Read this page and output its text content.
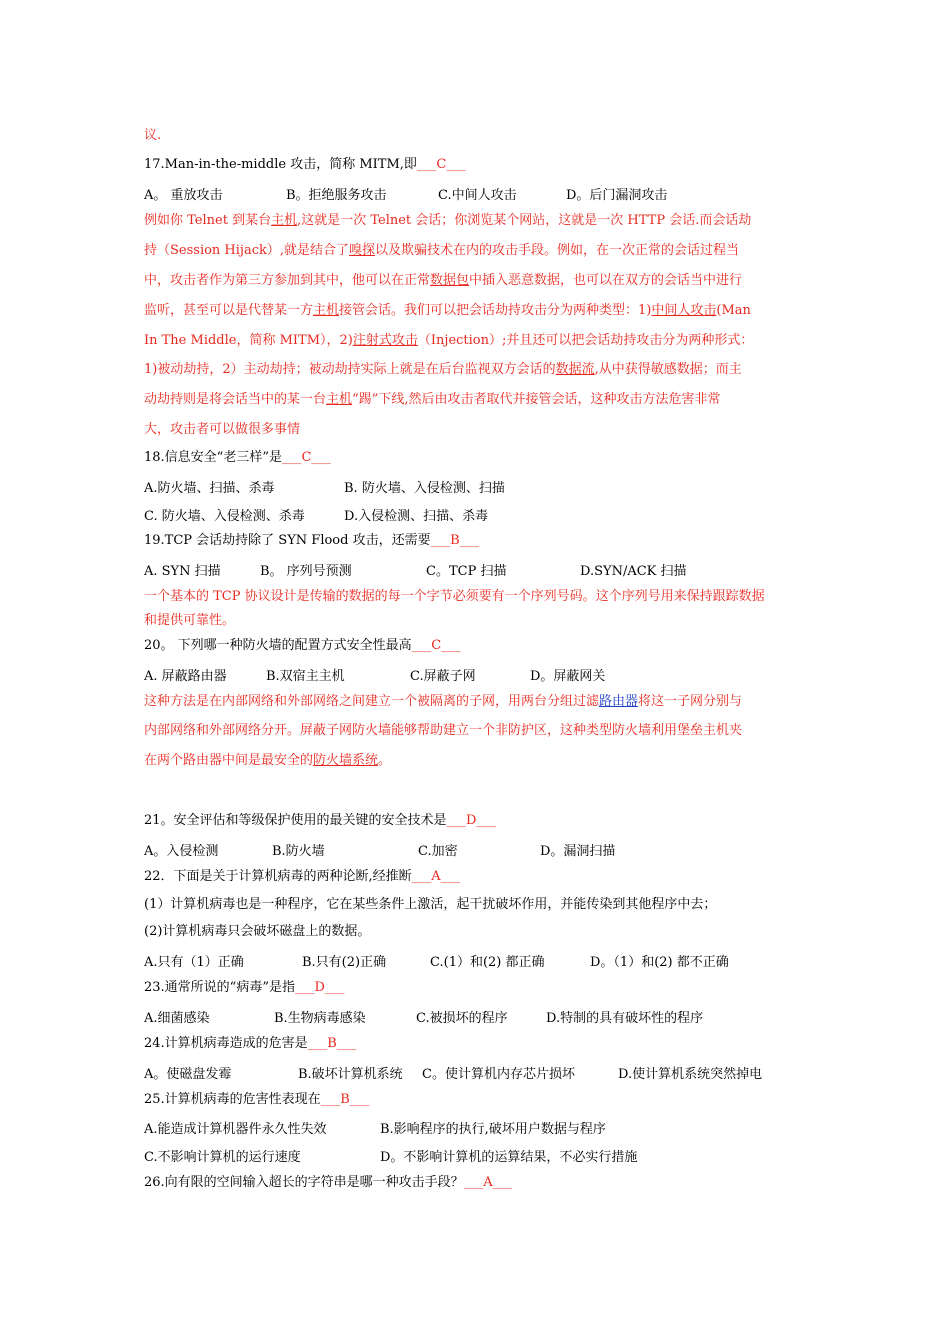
议.
17.Man-in-the-middle 攻击，简称 MITM,即___C___
A。 重放攻击	B。拒绝服务攻击	C.中间人攻击	D。后门漏洞攻击
例如你 Telnet 到某台主机,这就是一次 Telnet 会话；你浏览某个网站，这就是一次 HTTP 会话.而会话劫
持（Session Hijack）,就是结合了嗅探以及欺骗技术在内的攻击手段。例如，在一次正常的会话过程当
中，攻击者作为第三方参加到其中，他可以在正常数据包中插入恶意数据，也可以在双方的会话当中进行
监听，甚至可以是代替某一方主机接管会话。我们可以把会话劫持攻击分为两种类型：1)中间人攻击(Man
In The Middle，简称 MITM），2)注射式攻击（Injection）;并且还可以把会话劫持攻击分为两种形式：
1)被动劫持，2）主动劫持；被动劫持实际上就是在后台监视双方会话的数据流,从中获得敏感数据；而主
动劫持则是将会话当中的某一台主机“踢”下线,然后由攻击者取代并接管会话，这种攻击方法危害非常
大，攻击者可以做很多事情
18.信息安全“老三样”是___C___
A.防火墙、扫描、杀毒	B. 防火墙、入侵检测、扫描
C. 防火墙、入侵检测、杀毒	D.入侵检测、扫描、杀毒
19.TCP 会话劫持除了 SYN Flood 攻击，还需要___B___
A. SYN 扫描	B。 序列号预测	C。TCP 扫描	D.SYN/ACK 扫描
一个基本的 TCP 协议设计是传输的数据的每一个字节必须要有一个序列号码。这个序列号用来保持跟踪数据
和提供可靠性。
20。 下列哪一种防火墙的配置方式安全性最高___C___
A. 屏蔽路由器	B.双宿主主机	C.屏蔽子网	D。屏蔽网关
这种方法是在内部网络和外部网络之间建立一个被隔离的子网，用两台分组过滤路由器将这一子网分别与
内部网络和外部网络分开。屏蔽子网防火墙能够帮助建立一个非防护区，这种类型防火墙利用堡垒主机夹
在两个路由器中间是最安全的防火墙系统。
21。安全评估和等级保护使用的最关键的安全技术是___D___
A。入侵检测	B.防火墙	C.加密	D。漏洞扫描
22．下面是关于计算机病毒的两种论断,经推断___A___
(1）计算机病毒也是一种程序，它在某些条件上激活，起干扰破坏作用，并能传染到其他程序中去；
(2)计算机病毒只会破坏磁盘上的数据。
A.只有（1）正确	B.只有(2)正确	C.(1）和(2) 都正确	D。（1）和(2) 都不正确
23.通常所说的“病毒”是指___D___
A.细菌感染	B.生物病毒感染	C.被损坏的程序	D.特制的具有破坏性的程序
24.计算机病毒造成的危害是___B___
A。使磁盘发霉	B.破坏计算机系统 C。使计算机内存芯片损坏	D.使计算机系统突然掉电
25.计算机病毒的危害性表现在___B___
A.能造成计算机器件永久性失效	B.影响程序的执行,破坏用户数据与程序
C.不影响计算机的运行速度	D。不影响计算机的运算结果，不必实行措施
26.向有限的空间输入超长的字符串是哪一种攻击手段？___A___
